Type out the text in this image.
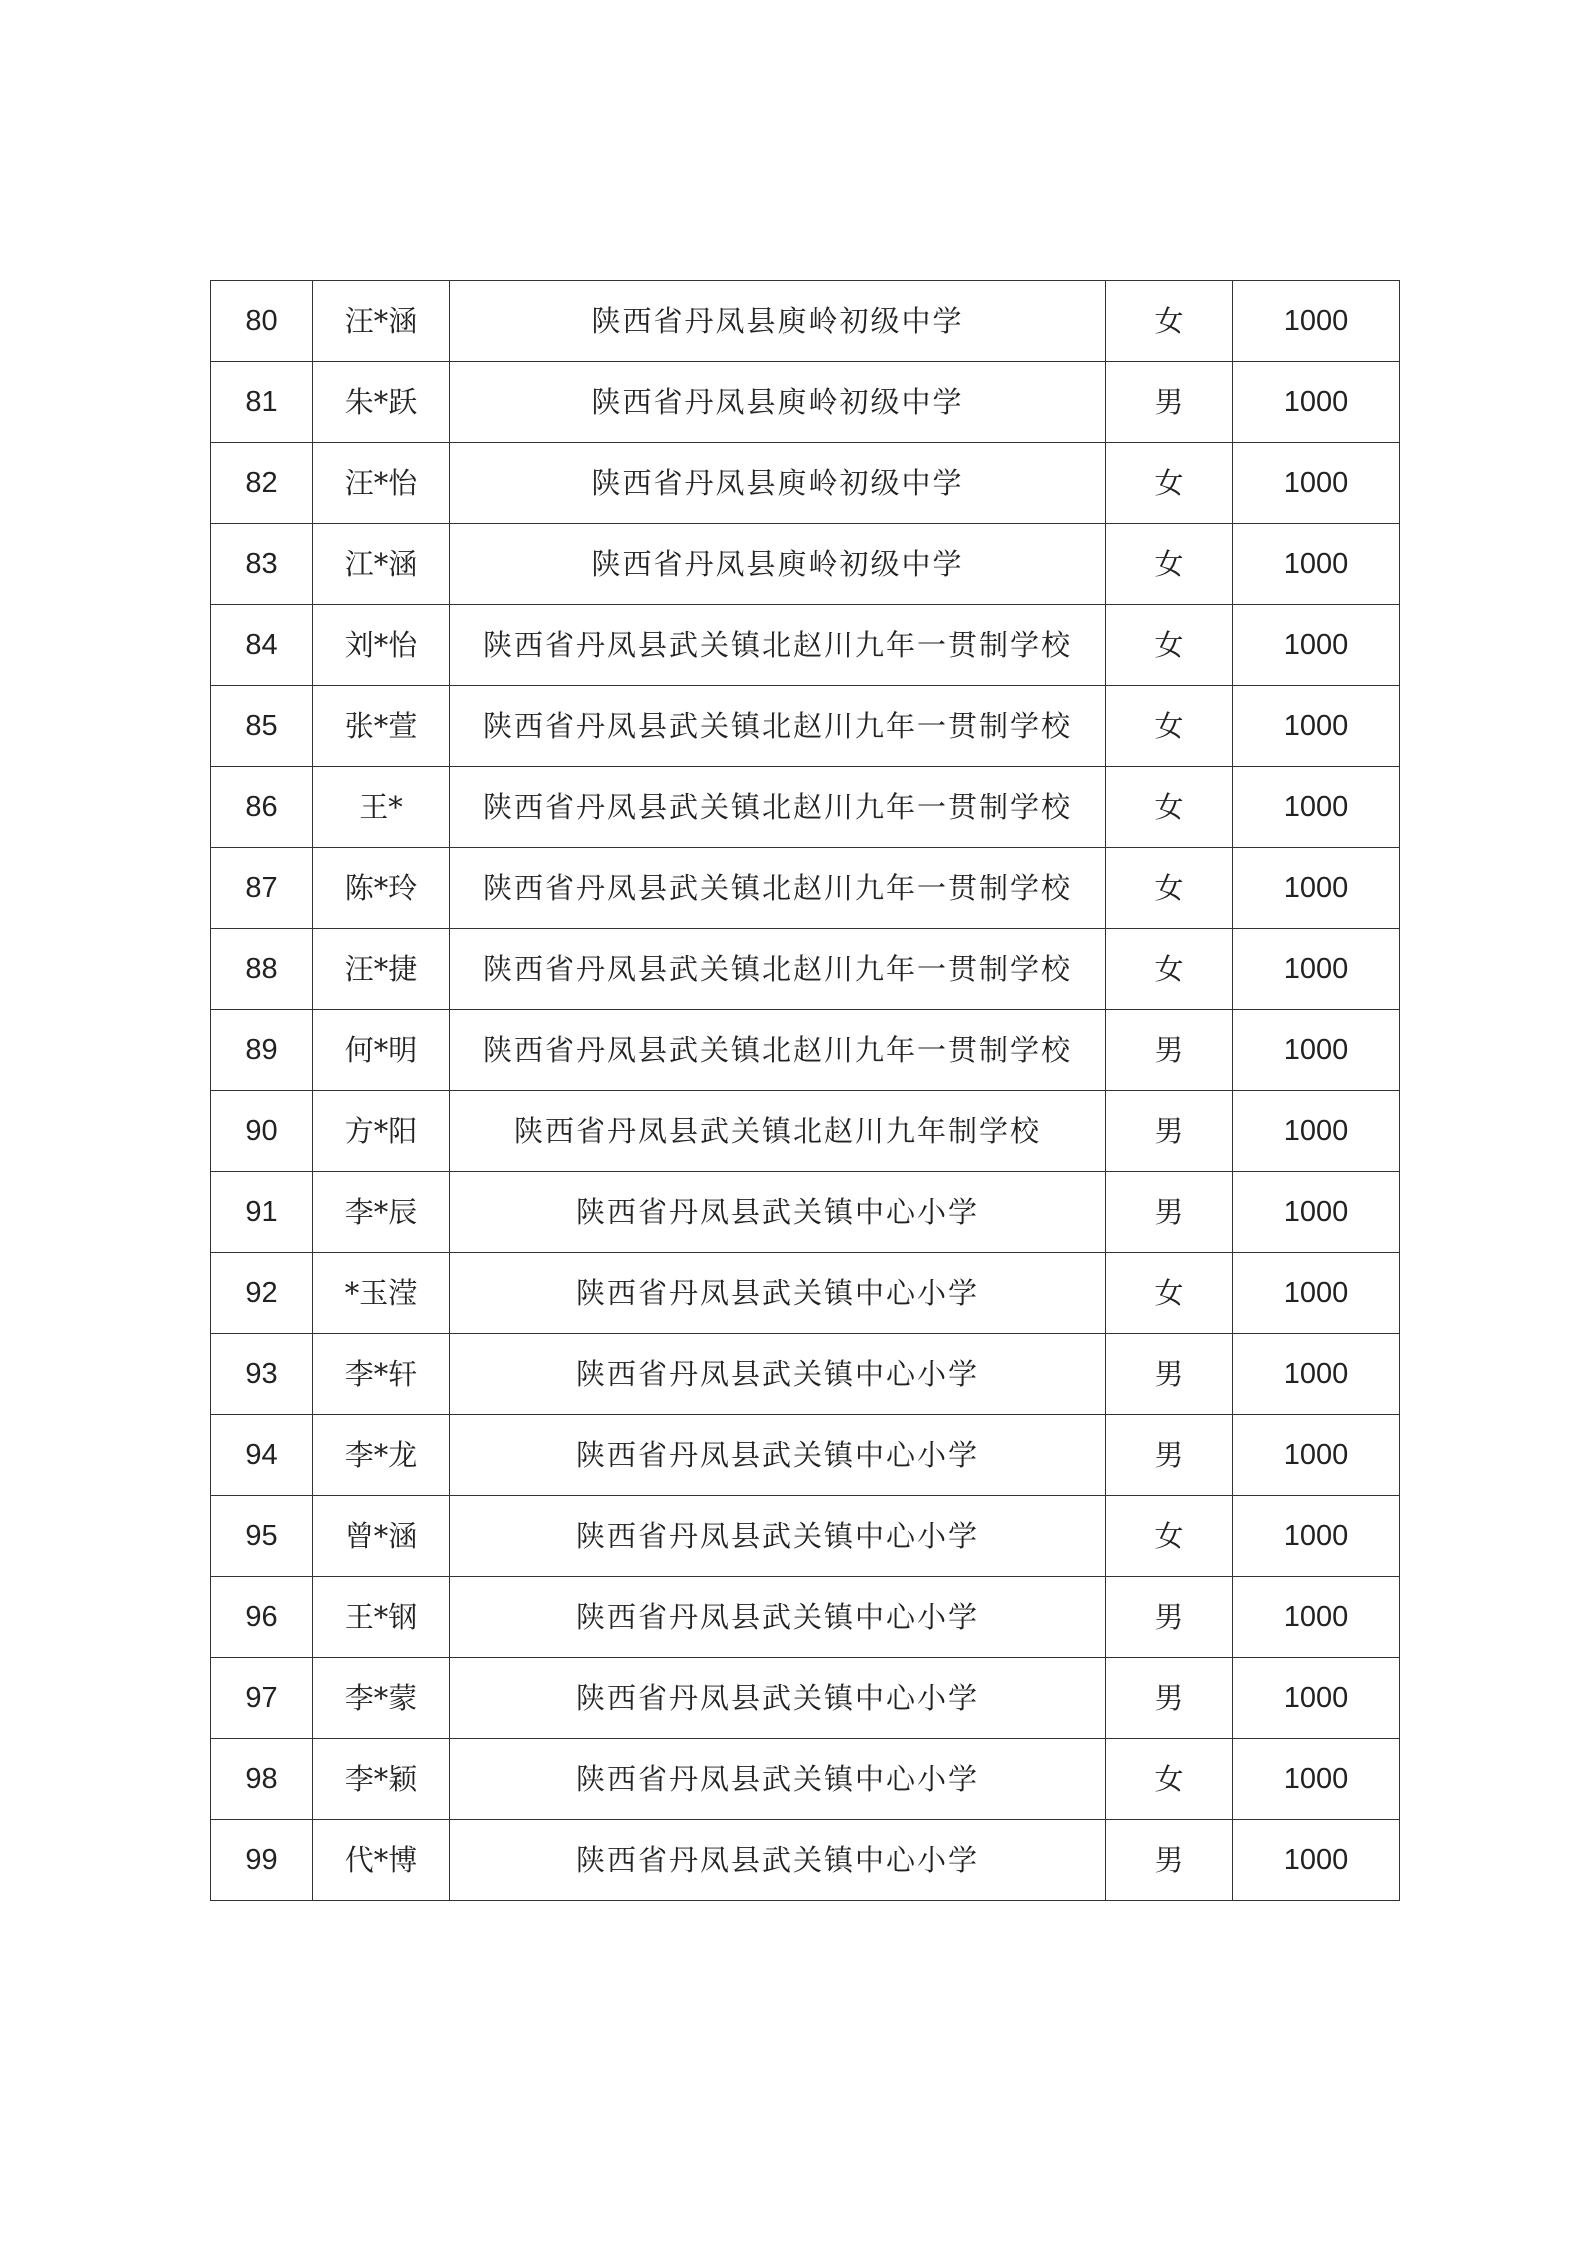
80	汪*涵	陕西省丹凤县庾岭初级中学	女	1000
81	朱*跃	陕西省丹凤县庾岭初级中学	男	1000
82	汪*怡	陕西省丹凤县庾岭初级中学	女	1000
83	江*涵	陕西省丹凤县庾岭初级中学	女	1000
84	刘*怡	陕西省丹凤县武关镇北赵川九年一贯制学校	女	1000
85	张*萱	陕西省丹凤县武关镇北赵川九年一贯制学校	女	1000
86	王*	陕西省丹凤县武关镇北赵川九年一贯制学校	女	1000
87	陈*玲	陕西省丹凤县武关镇北赵川九年一贯制学校	女	1000
88	汪*捷	陕西省丹凤县武关镇北赵川九年一贯制学校	女	1000
89	何*明	陕西省丹凤县武关镇北赵川九年一贯制学校	男	1000
90	方*阳	陕西省丹凤县武关镇北赵川九年制学校	男	1000
91	李*辰	陕西省丹凤县武关镇中心小学	男	1000
92	*玉滢	陕西省丹凤县武关镇中心小学	女	1000
93	李*轩	陕西省丹凤县武关镇中心小学	男	1000
94	李*龙	陕西省丹凤县武关镇中心小学	男	1000
95	曾*涵	陕西省丹凤县武关镇中心小学	女	1000
96	王*钢	陕西省丹凤县武关镇中心小学	男	1000
97	李*蒙	陕西省丹凤县武关镇中心小学	男	1000
98	李*颖	陕西省丹凤县武关镇中心小学	女	1000
99	代*博	陕西省丹凤县武关镇中心小学	男	1000
